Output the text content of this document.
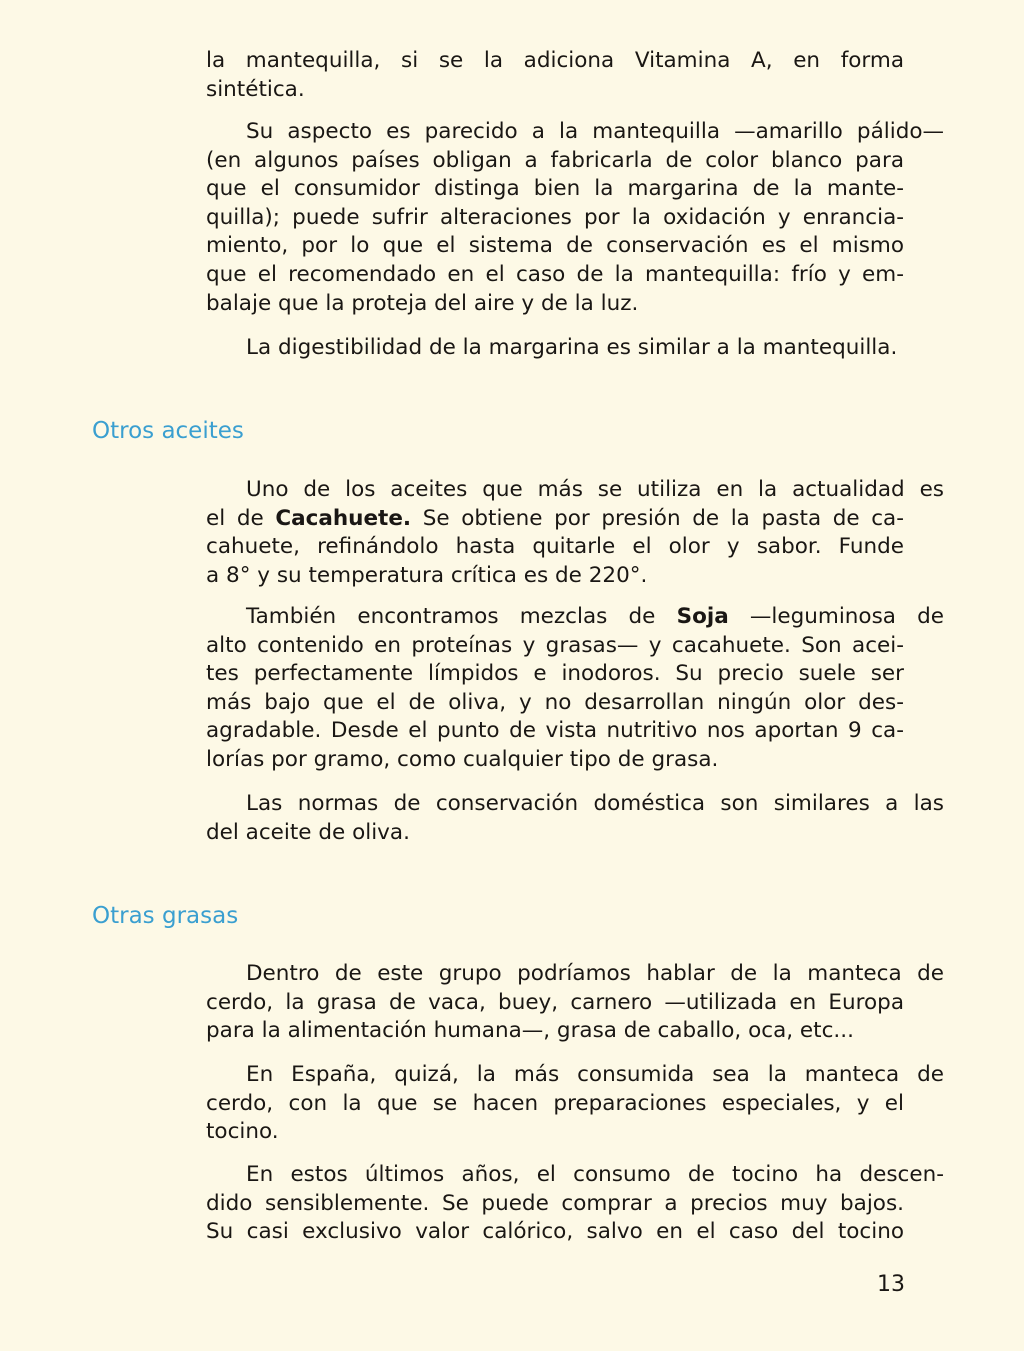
la mantequilla, si se la adiciona Vitamina A, en forma
sintética.
Su aspecto es parecido a la mantequilla —amarillo pálido—
(en algunos países obligan a fabricarla de color blanco para
que el consumidor distinga bien la margarina de la mante-
quilla); puede sufrir alteraciones por la oxidación y enrancia-
miento, por lo que el sistema de conservación es el mismo
que el recomendado en el caso de la mantequilla: frío y em-
balaje que la proteja del aire y de la luz.
La digestibilidad de la margarina es similar a la mantequilla.
Otros aceites
Uno de los aceites que más se utiliza en la actualidad es
el de Cacahuete. Se obtiene por presión de la pasta de ca-
cahuete, refinándolo hasta quitarle el olor y sabor. Funde
a 8° y su temperatura crítica es de 220°.
También encontramos mezclas de Soja —leguminosa de
alto contenido en proteínas y grasas— y cacahuete. Son acei-
tes perfectamente límpidos e inodoros. Su precio suele ser
más bajo que el de oliva, y no desarrollan ningún olor des-
agradable. Desde el punto de vista nutritivo nos aportan 9 ca-
lorías por gramo, como cualquier tipo de grasa.
Las normas de conservación doméstica son similares a las
del aceite de oliva.
Otras grasas
Dentro de este grupo podríamos hablar de la manteca de
cerdo, la grasa de vaca, buey, carnero —utilizada en Europa
para la alimentación humana—, grasa de caballo, oca, etc...
En España, quizá, la más consumida sea la manteca de
cerdo, con la que se hacen preparaciones especiales, y el
tocino.
En estos últimos años, el consumo de tocino ha descen-
dido sensiblemente. Se puede comprar a precios muy bajos.
Su casi exclusivo valor calórico, salvo en el caso del tocino
13
